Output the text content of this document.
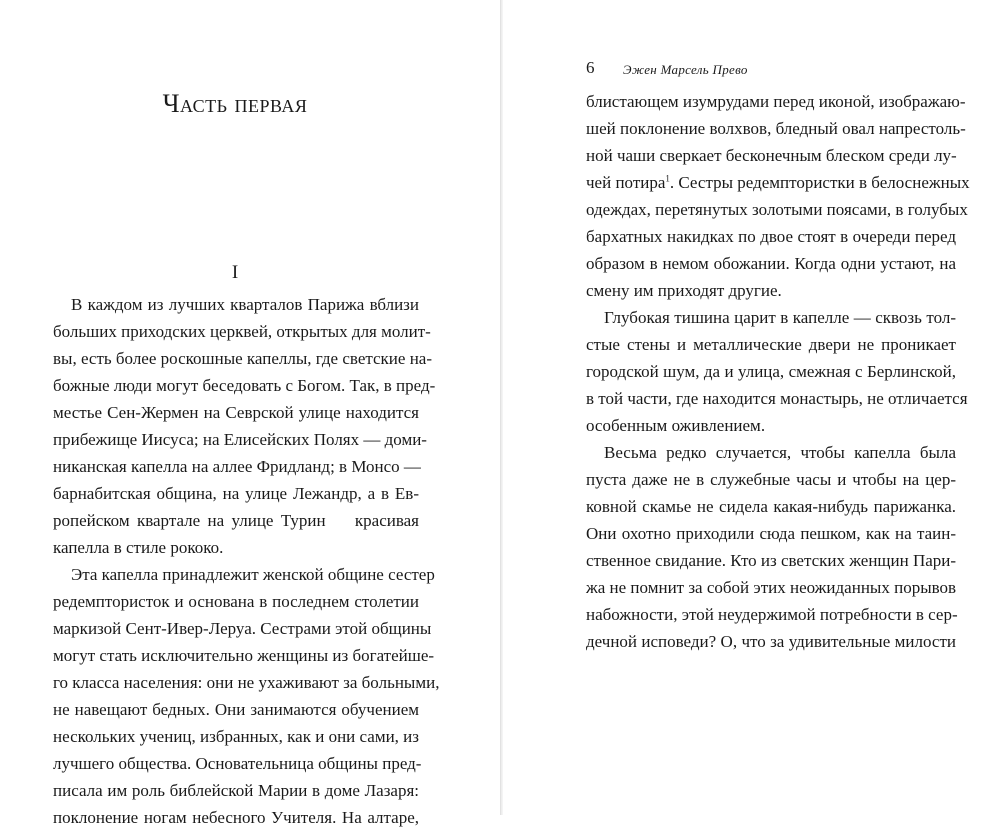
Часть первая
I
В каждом из лучших кварталов Парижа вблизи
больших приходских церквей, открытых для молит-
вы, есть более роскошные капеллы, где светские на-
божные люди могут беседовать с Богом. Так, в пред-
местье Сен-Жермен на Севрской улице находится
прибежище Иисуса; на Елисейских Полях — доми-
никанская капелла на аллее Фридланд; в Монсо —
барнабитская община, на улице Лежандр, а в Ев-
ропейском квартале на улице Турин    красивая
капелла в стиле рококо.
Эта капелла принадлежит женской общине сестер
редемптористок и основана в последнем столетии
маркизой Сент-Ивер-Леруа. Сестрами этой общины
могут стать исключительно женщины из богатейше-
го класса населения: они не ухаживают за больными,
не навещают бедных. Они занимаются обучением
нескольких учениц, избранных, как и они сами, из
лучшего общества. Основательница общины пред-
писала им роль библейской Марии в доме Лазаря:
поклонение ногам небесного Учителя. На алтаре,
6 Эжен Марсель Прево
блистающем изумрудами перед иконой, изображаю-
шей поклонение волхвов, бледный овал напрестоль-
ной чаши сверкает бесконечным блеском среди лу-
чей потира$^1$. Сестры редемптористки в белоснежных
одеждах, перетянутых золотыми поясами, в голубых
бархатных накидках по двое стоят в очереди перед
образом в немом обожании. Когда одни устают, на
смену им приходят другие.
Глубокая тишина царит в капелле — сквозь тол-
стые стены и металлические двери не проникает
городской шум, да и улица, смежная с Берлинской,
в той части, где находится монастырь, не отличается
особенным оживлением.
Весьма редко случается, чтобы капелла была
пуста даже не в служебные часы и чтобы на цер-
ковной скамье не сидела какая-нибудь парижанка.
Они охотно приходили сюда пешком, как на таин-
ственное свидание. Кто из светских женщин Пари-
жа не помнит за собой этих неожиданных порывов
набожности, этой неудержимой потребности в сер-
дечной исповеди? О, что за удивительные милости
